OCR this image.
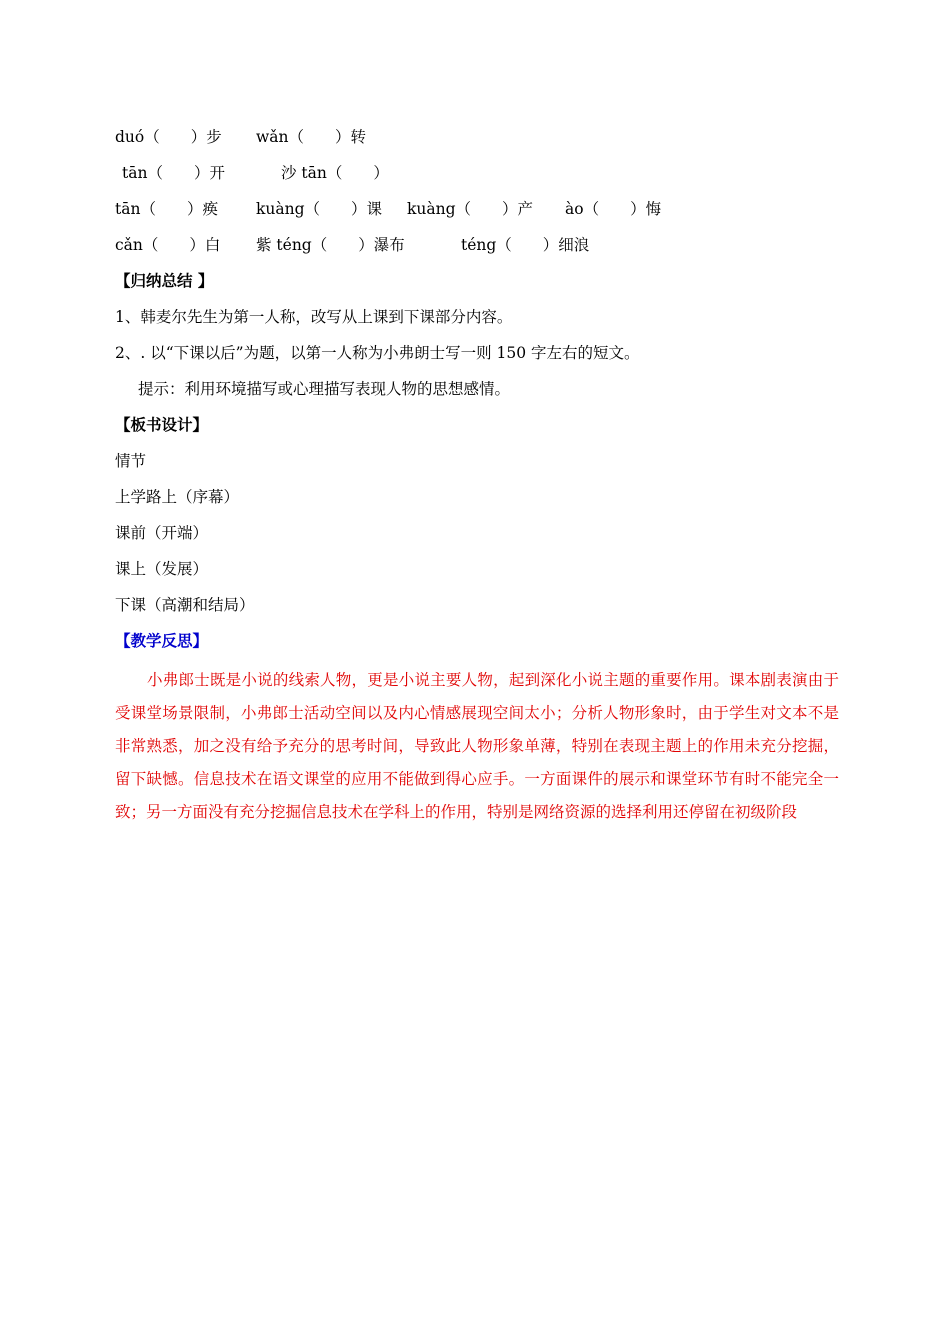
duó（　　）步

wǎn（　　）转

tān（　　）开

	沙 tān（　　）

tān（　　）痪

kuàng（　　）课

kuàng（　　）产

ào（　　）悔

cǎn（　　）白

紫 téng（　　）瀑布

	téng（　　）细浪

【归纳总结 】
1、韩麦尔先生为第一人称，改写从上课到下课部分内容。
2、. 以“下课以后”为题，以第一人称为小弗朗士写一则 150 字左右的短文。
提示：利用环境描写或心理描写表现人物的思想感情。
【板书设计】
情节
上学路上（序幕）
课前（开端）
课上（发展）
下课（高潮和结局）
【教学反思】
小弗郎士既是小说的线索人物，更是小说主要人物，起到深化小说主题的重要作用。课本剧表演由于受课堂场景限制，小弗郎士活动空间以及内心情感展现空间太小；分析人物形象时，由于学生对文本不是非常熟悉，加之没有给予充分的思考时间，导致此人物形象单薄，特别在表现主题上的作用未充分挖掘，留下缺憾。信息技术在语文课堂的应用不能做到得心应手。一方面课件的展示和课堂环节有时不能完全一致；另一方面没有充分挖掘信息技术在学科上的作用，特别是网络资源的选择利用还停留在初级阶段
